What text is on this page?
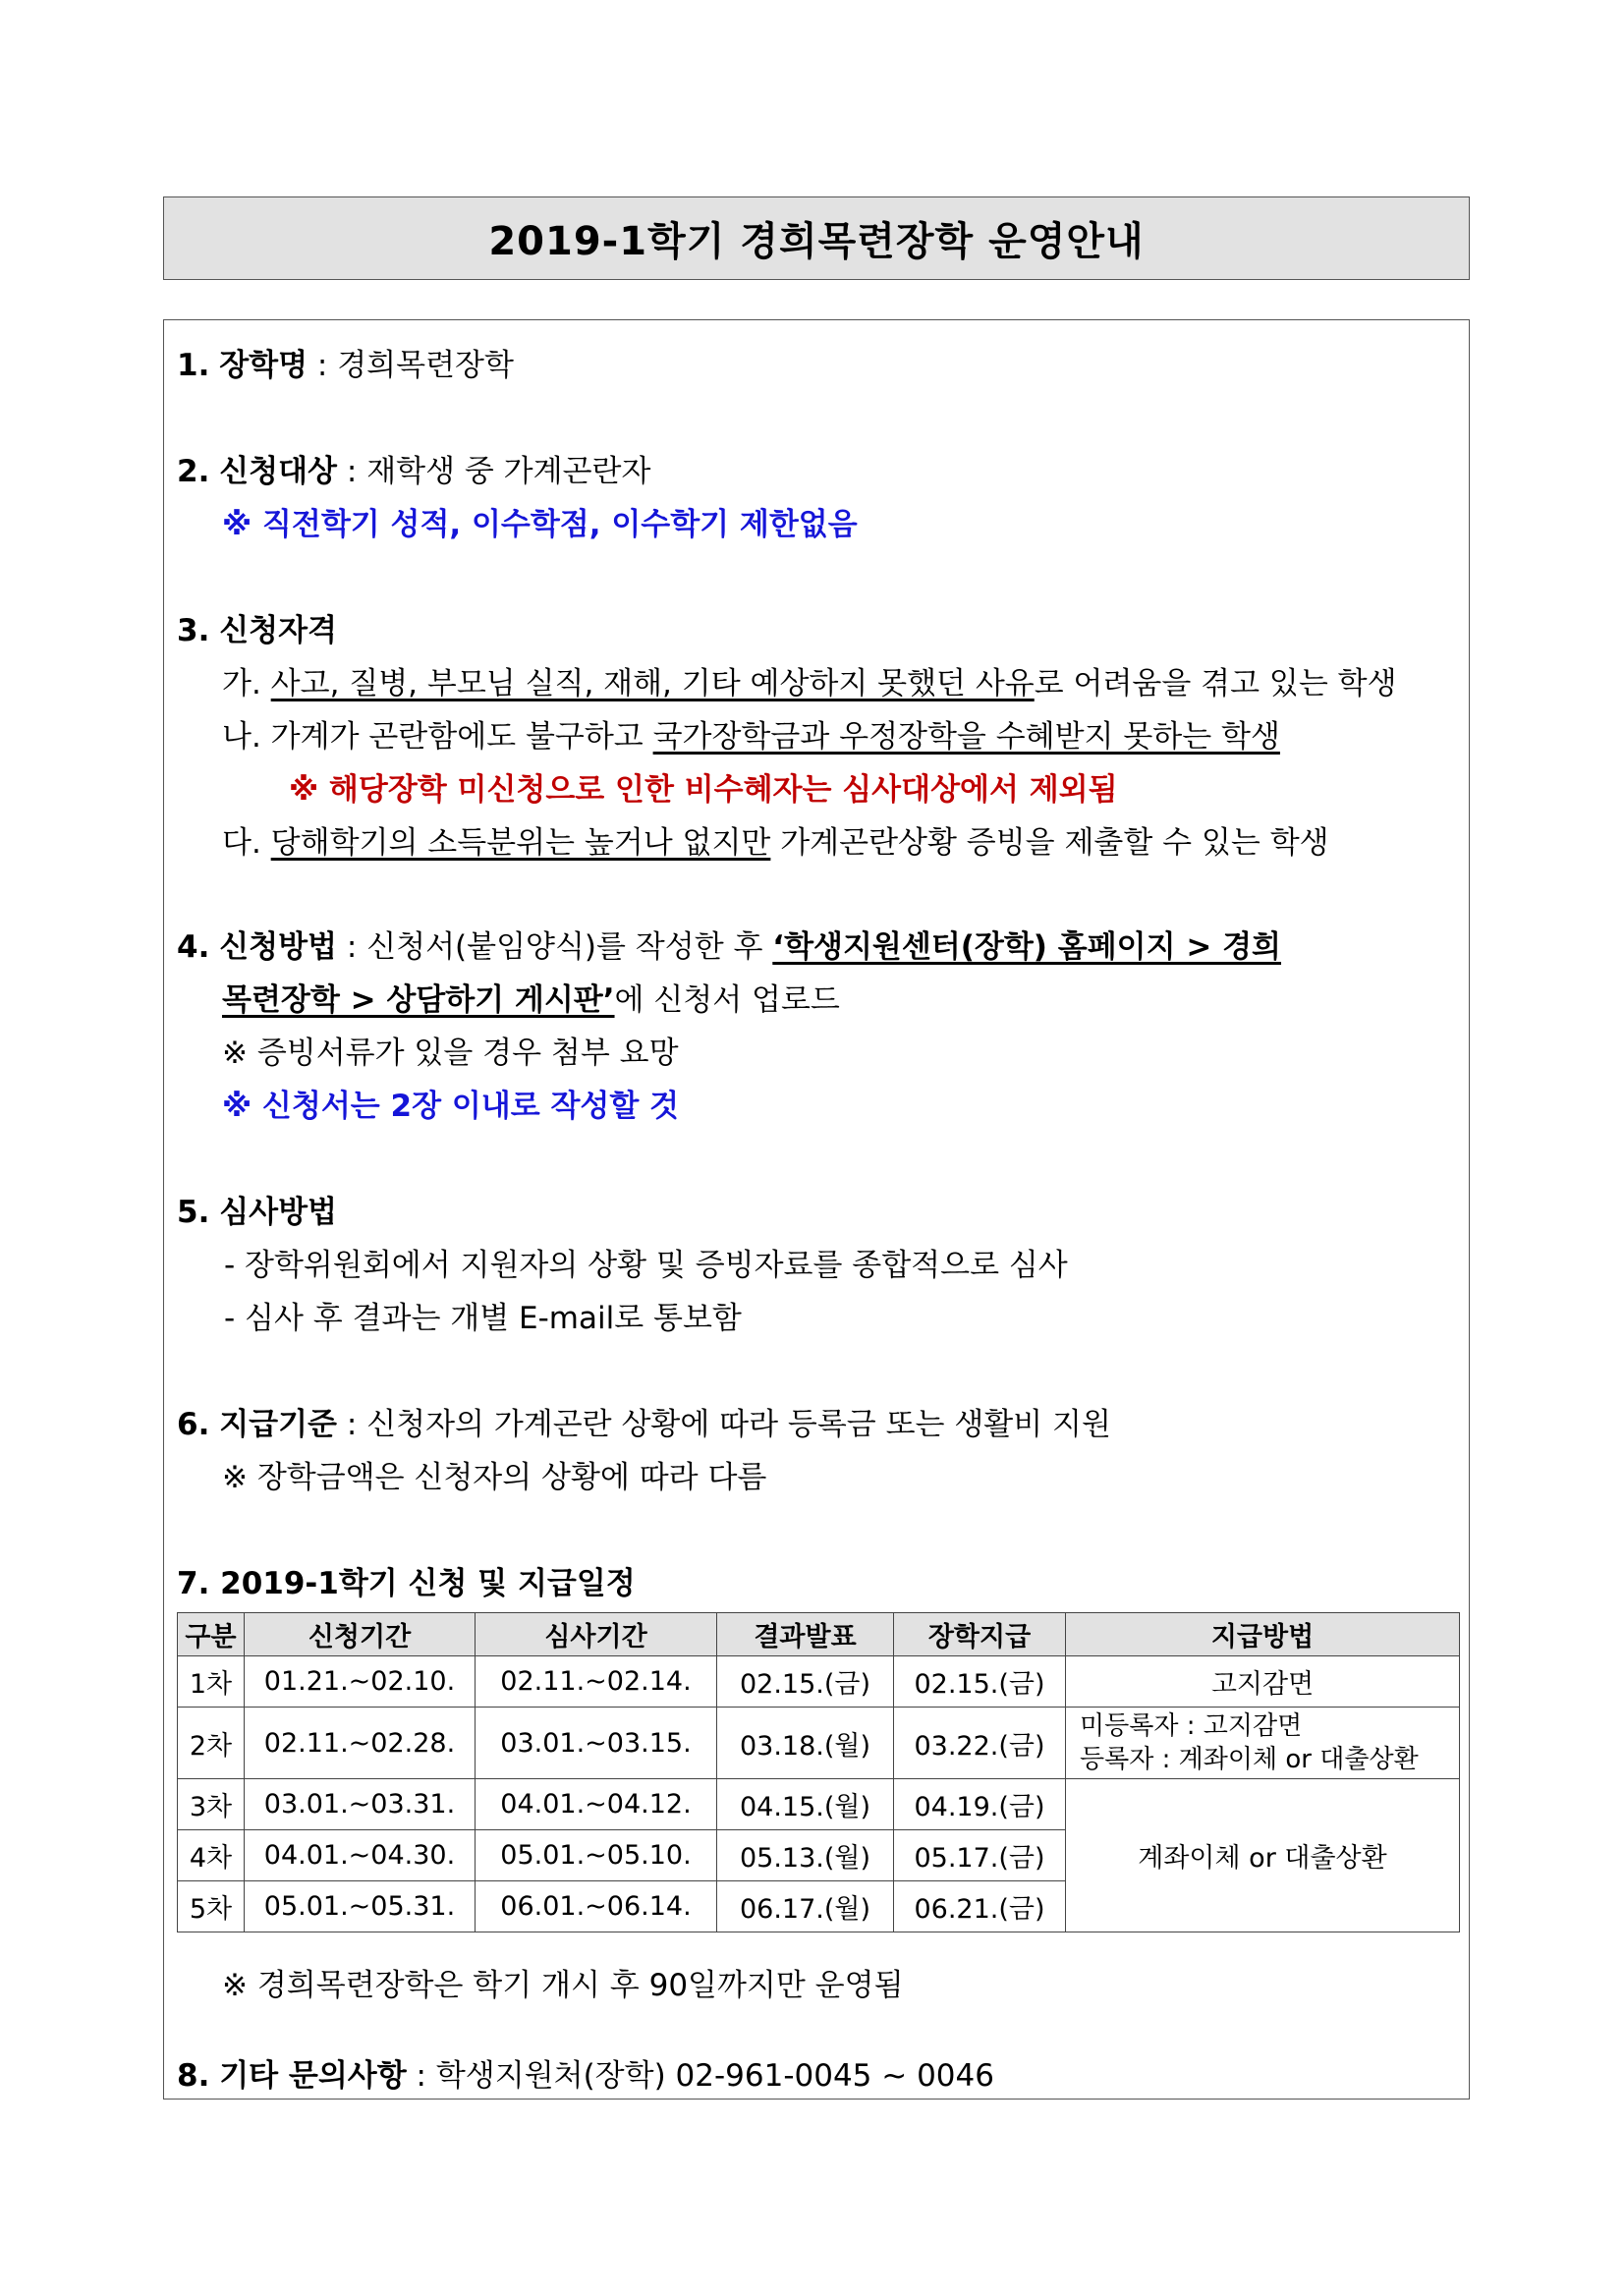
2019-1학기 경희목련장학 운영안내
1. 장학명 : 경희목련장학
2. 신청대상 : 재학생 중 가계곤란자
※ 직전학기 성적, 이수학점, 이수학기 제한없음
3. 신청자격
가. 사고, 질병, 부모님 실직, 재해, 기타 예상하지 못했던 사유로 어려움을 겪고 있는 학생
나. 가계가 곤란함에도 불구하고 국가장학금과 우정장학을 수혜받지 못하는 학생
※ 해당장학 미신청으로 인한 비수혜자는 심사대상에서 제외됨
다. 당해학기의 소득분위는 높거나 없지만 가계곤란상황 증빙을 제출할 수 있는 학생
4. 신청방법 : 신청서(붙임양식)를 작성한 후 ‘학생지원센터(장학) 홈페이지 > 경희
목련장학 > 상담하기 게시판’에 신청서 업로드
※ 증빙서류가 있을 경우 첨부 요망
※ 신청서는 2장 이내로 작성할 것
5. 심사방법
- 장학위원회에서 지원자의 상황 및 증빙자료를 종합적으로 심사
- 심사 후 결과는 개별 E-mail로 통보함
6. 지급기준 : 신청자의 가계곤란 상황에 따라 등록금 또는 생활비 지원
※ 장학금액은 신청자의 상황에 따라 다름
7. 2019-1학기 신청 및 지급일정
구분	신청기간	심사기간	결과발표	장학지급	지급방법
1차	01.21.~02.10.	02.11.~02.14.	02.15.(금)	02.15.(금)	고지감면
2차	02.11.~02.28.	03.01.~03.15.	03.18.(월)	03.22.(금)	미등록자 : 고지감면
등록자 : 계좌이체 or 대출상환

3차	03.01.~03.31.	04.01.~04.12.	04.15.(월)	04.19.(금)	계좌이체 or 대출상환
4차	04.01.~04.30.	05.01.~05.10.	05.13.(월)	05.17.(금)	
5차	05.01.~05.31.	06.01.~06.14.	06.17.(월)	06.21.(금)	
※ 경희목련장학은 학기 개시 후 90일까지만 운영됨
8. 기타 문의사항 : 학생지원처(장학) 02-961-0045 ~ 0046
